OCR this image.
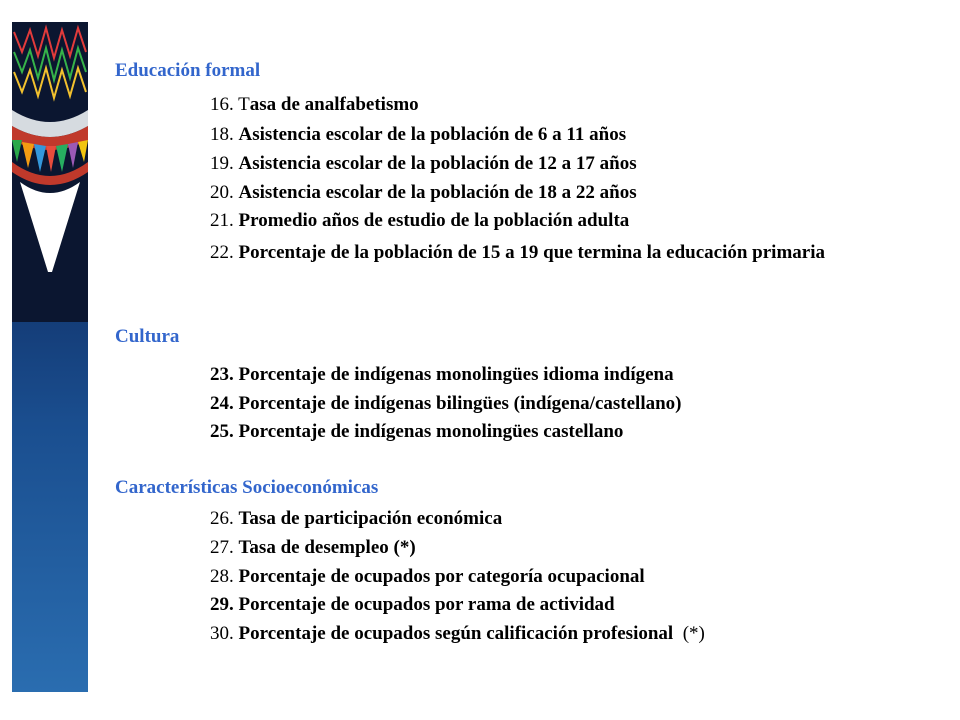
Educación formal
16. Tasa de analfabetismo
18. Asistencia escolar de la población de 6 a 11 años
19. Asistencia escolar de la población de 12 a 17 años
20. Asistencia escolar de la población de 18 a 22 años
21. Promedio años de estudio de la población adulta
22. Porcentaje de la población de 15 a 19 que termina la educación primaria
Cultura
23. Porcentaje de indígenas monolingües idioma indígena
24. Porcentaje de indígenas bilingües (indígena/castellano)
25. Porcentaje de indígenas monolingües castellano
Características Socioeconómicas
26. Tasa de participación económica
27. Tasa de desempleo (*)
28. Porcentaje de ocupados por categoría ocupacional
29. Porcentaje de ocupados por rama de actividad
30. Porcentaje de ocupados según calificación profesional  (*)
